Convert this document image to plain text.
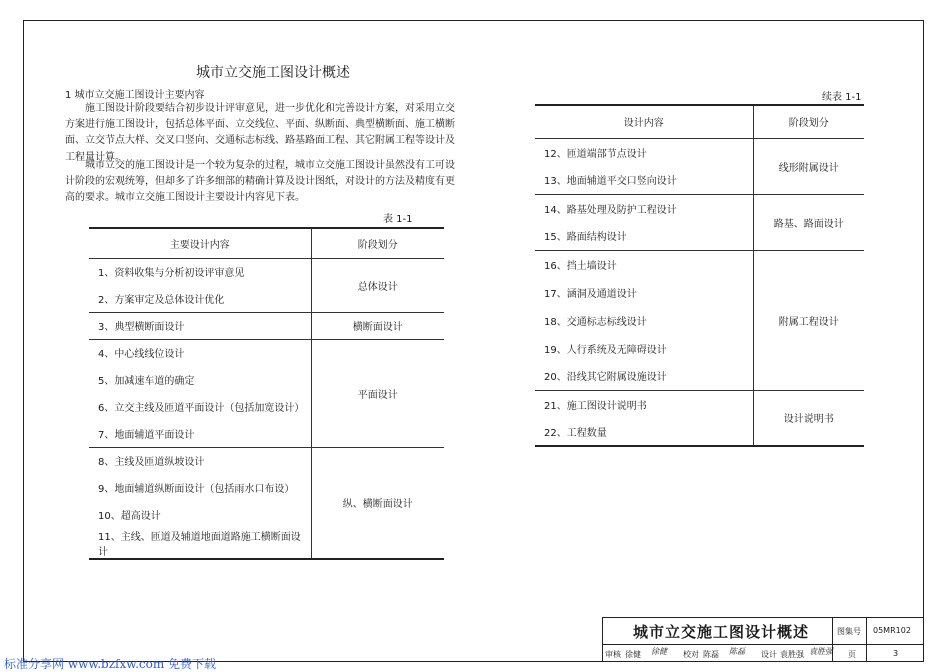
城市立交施工图设计概述
1 城市立交施工图设计主要内容
施工图设计阶段要结合初步设计评审意见，进一步优化和完善设计方案，对采用立交方案进行施工图设计，包括总体平面、立交线位、平面、纵断面、典型横断面、施工横断面、立交节点大样、交叉口竖向、交通标志标线、路基路面工程、其它附属工程等设计及工程量计算。
城市立交的施工图设计是一个较为复杂的过程，城市立交施工图设计虽然没有工可设计阶段的宏观统筹，但却多了许多细部的精确计算及设计图纸，对设计的方法及精度有更高的要求。城市立交施工图设计主要设计内容见下表。
表 1-1
主要设计内容	阶段划分
1、资料收集与分析初设评审意见	总体设计
2、方案审定及总体设计优化	
3、典型横断面设计	横断面设计
4、中心线线位设计	平面设计
5、加减速车道的确定	
6、立交主线及匝道平面设计（包括加宽设计）	
7、地面辅道平面设计	
8、主线及匝道纵坡设计	纵、横断面设计
9、地面辅道纵断面设计（包括雨水口布设）	
10、超高设计	
11、主线、匝道及辅道地面道路施工横断面设计	
续表 1-1
设计内容	阶段划分
12、匝道端部节点设计	线形附属设计
13、地面辅道平交口竖向设计	
14、路基处理及防护工程设计	路基、路面设计
15、路面结构设计	
16、挡土墙设计	附属工程设计
17、涵洞及通道设计	
18、交通标志标线设计	
19、人行系统及无障碍设计	
20、沿线其它附属设施设计	
21、施工图设计说明书	设计说明书
22、工程数量	
城市立交施工图设计概述	图集号 05MR102
审核 徐健 徐健 校对 陈磊 陈磊 设计 袁胜强 袁胜强 页	3
标准分享网 www.bzfxw.com 免费下载
